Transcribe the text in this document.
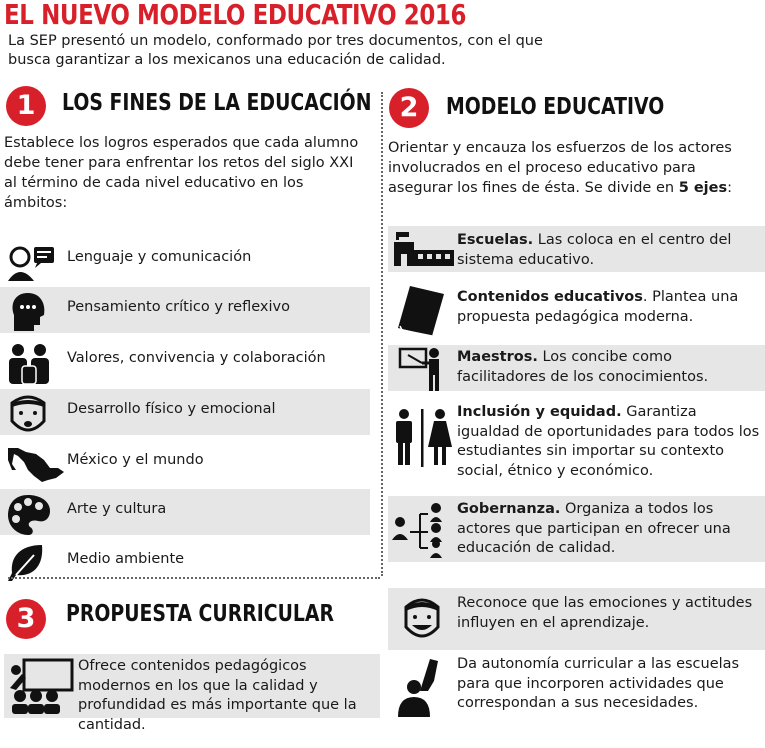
EL NUEVO MODELO EDUCATIVO 2016
La SEP presentó un modelo, conformado por tres documentos, con el que busca garantizar a los mexicanos una educación de calidad.
1	LOS FINES DE LA EDUCACIÓN
Establece los logros esperados que cada alumno debe tener para enfrentar los retos del siglo XXI al término de cada nivel educativo en los ámbitos:
Lenguaje y comunicación
Pensamiento crítico y reflexivo
Valores, convivencia y colaboración
Desarrollo físico y emocional
México y el mundo
Arte y cultura
Medio ambiente
2	MODELO EDUCATIVO
Orientar y encauza los esfuerzos de los actores involucrados en el proceso educativo para asegurar los fines de ésta. Se divide en 5 ejes:
Escuelas. Las coloca en el centro del sistema educativo.
Contenidos educativos. Plantea una propuesta pedagógica moderna.
Maestros. Los concibe como facilitadores de los conocimientos.
Inclusión y equidad. Garantiza igualdad de oportunidades para todos los estudiantes sin importar su contexto social, étnico y económico.
Gobernanza. Organiza a todos los actores que participan en ofrecer una educación de calidad.
3	PROPUESTA CURRICULAR
Ofrece contenidos pedagógicos modernos en los que la calidad y profundidad es más importante que la cantidad.
Reconoce que las emociones y actitudes influyen en el aprendizaje.
Da autonomía curricular a las escuelas para que incorporen actividades que correspondan a sus necesidades.
